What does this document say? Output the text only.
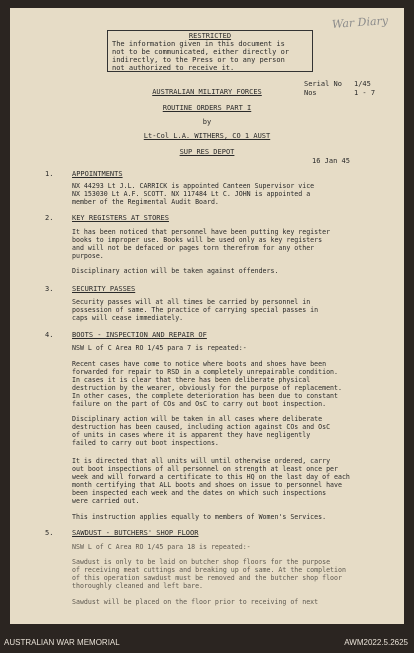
War Diary
RESTRICTED
The information given in this document is
not to be communicated, either directly or
indirectly, to the Press or to any person
not authorized to receive it.
AUSTRALIAN MILITARY FORCES
ROUTINE ORDERS PART I
by
Lt-Col L.A. WITHERS, CO 1 AUST
SUP RES DEPOT
Serial No 1/45
Nos	1 - 7
16 Jan 45
1.	APPOINTMENTS
NX 44293 Lt J.L. CARRICK is appointed Canteen Supervisor vice
NX 153030 Lt A.F. SCOTT. NX 117484 Lt C. JOHN is appointed a
member of the Regimental Audit Board.
2.	KEY REGISTERS AT STORES
It has been noticed that personnel have been putting key register
books to improper use. Books will be used only as key registers
and will not be defaced or pages torn therefrom for any other
purpose.
Disciplinary action will be taken against offenders.
3.	SECURITY PASSES
Security passes will at all times be carried by personnel in
possession of same. The practice of carrying special passes in
caps will cease immediately.
4.	BOOTS - INSPECTION AND REPAIR OF
NSW L of C Area RO 1/45 para 7 is repeated:-
Recent cases have come to notice where boots and shoes have been
forwarded for repair to RSD in a completely unrepairable condition.
In cases it is clear that there has been deliberate physical
destruction by the wearer, obviously for the purpose of replacement.
In other cases, the complete deterioration has been due to constant
failure on the part of COs and OsC to carry out boot inspection.
Disciplinary action will be taken in all cases where deliberate
destruction has been caused, including action against COs and OsC
of units in cases where it is apparent they have negligently
failed to carry out boot inspections.
It is directed that all units will until otherwise ordered, carry
out boot inspections of all personnel on strength at least once per
week and will forward a certificate to this HQ on the last day of each
month certifying that ALL boots and shoes on issue to personnel have
been inspected each week and the dates on which such inspections
were carried out.
This instruction applies equally to members of Women's Services.
5.	SAWDUST - BUTCHERS' SHOP FLOOR
NSW L of C Area RO 1/45 para 18 is repeated:-
Sawdust is only to be laid on butcher shop floors for the purpose
of receiving meat cuttings and breaking up of same. At the completion
of this operation sawdust must be removed and the butcher shop floor
thoroughly cleaned and left bare.
Sawdust will be placed on the floor prior to receiving of next
AUSTRALIAN WAR MEMORIAL	AWM2022.5.2625
